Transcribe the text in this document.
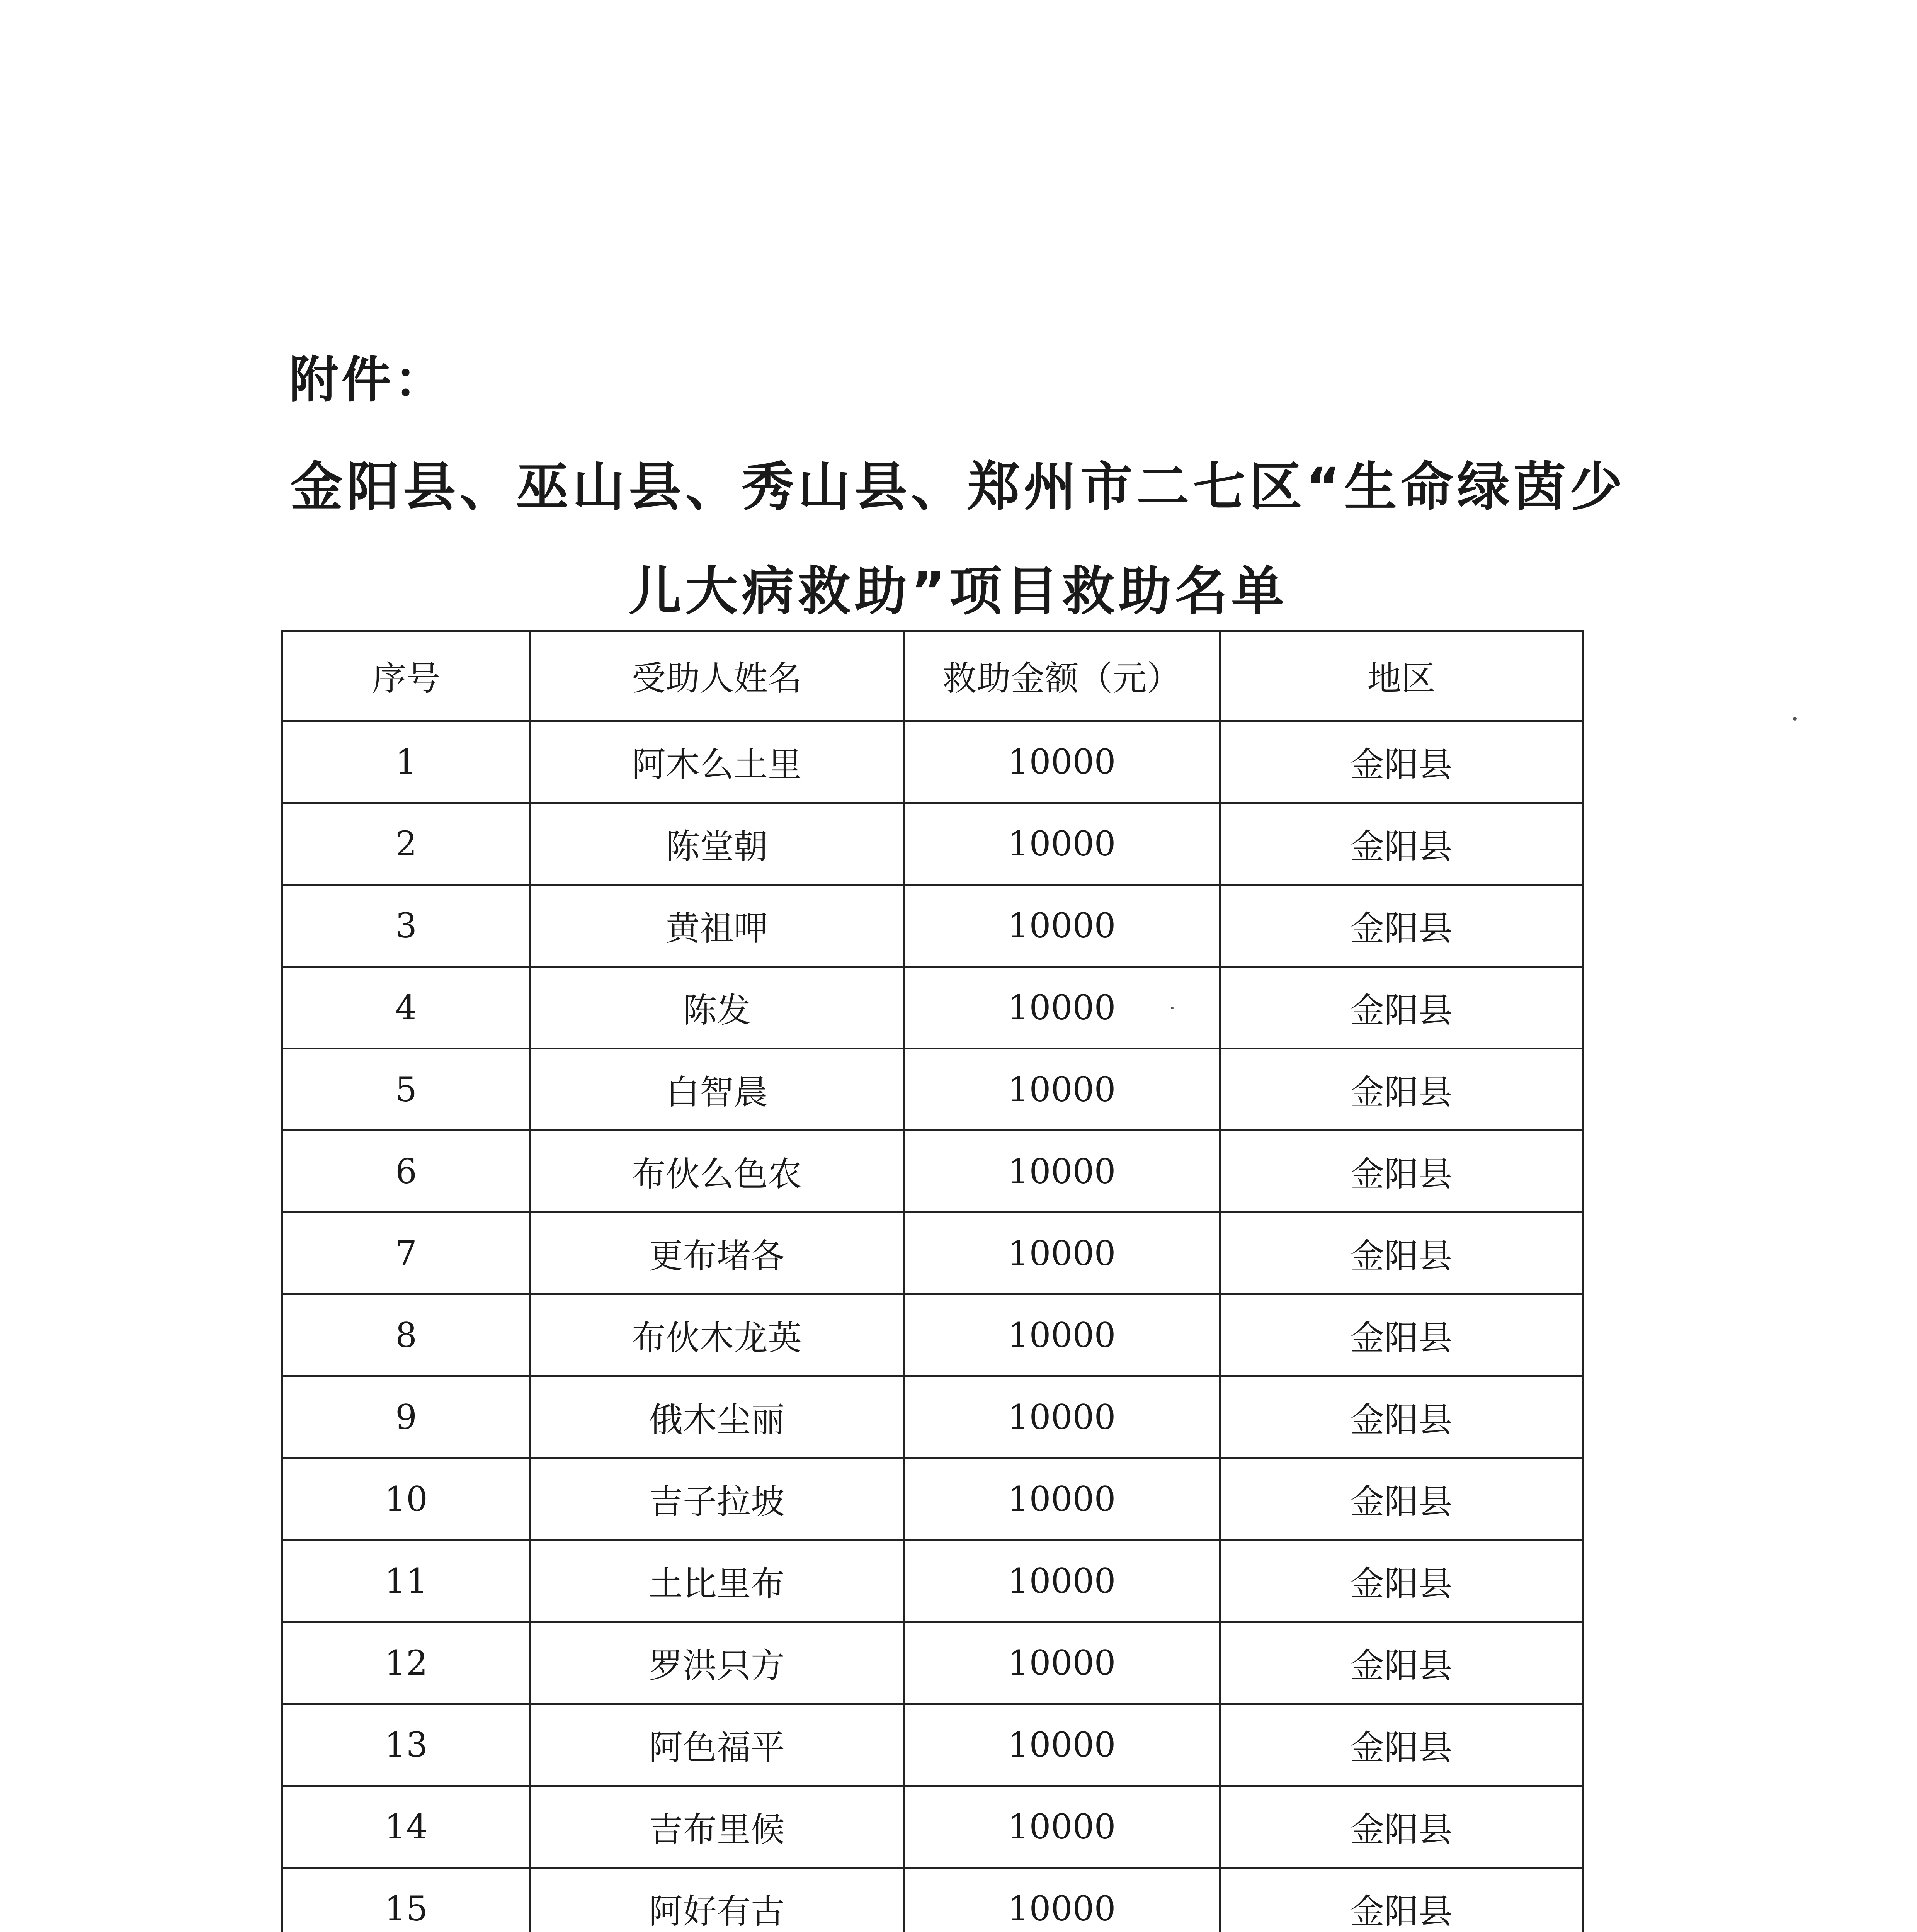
附件：
金阳县、巫山县、秀山县、郑州市二七区“生命绿茵少
儿大病救助”项目救助名单
序号	受助人姓名	救助金额（元）	地区
1	阿木么土里	10000	金阳县
2	陈堂朝	10000	金阳县
3	黄祖呷	10000	金阳县
4	陈发	10000	金阳县
5	白智晨	10000	金阳县
6	布伙么色农	10000	金阳县
7	更布堵各	10000	金阳县
8	布伙木龙英	10000	金阳县
9	俄木尘丽	10000	金阳县
10	吉子拉坡	10000	金阳县
11	土比里布	10000	金阳县
12	罗洪只方	10000	金阳县
13	阿色福平	10000	金阳县
14	吉布里候	10000	金阳县
15	阿好有古	10000	金阳县
